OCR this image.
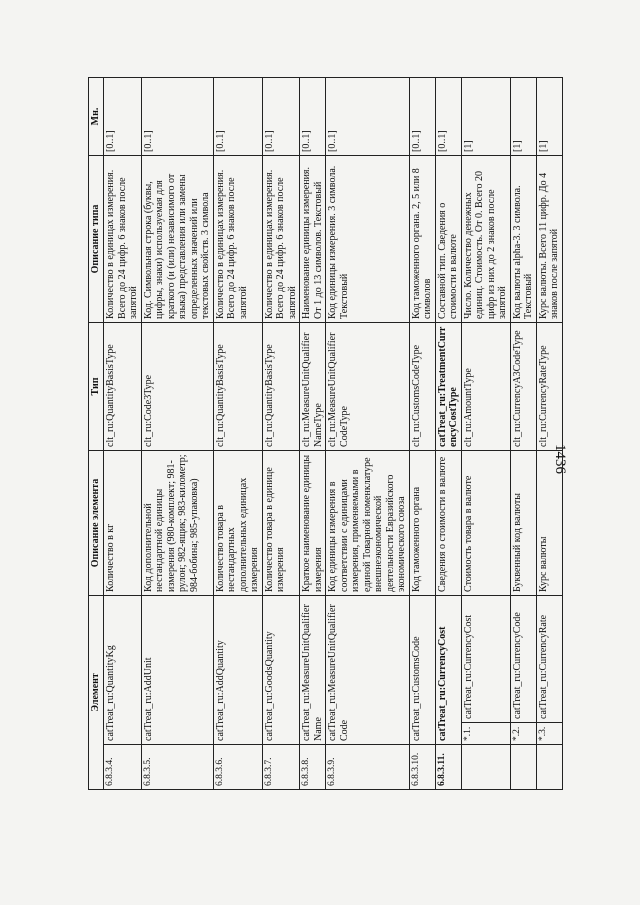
1436
Элемент			Описание элемента	Тип	Описание типа	Мн.
6.8.3.4.	catTreat_ru:QuantityKg		Количество в кг	clt_ru:QuantityBasisType	Количество в единицах измерения. Всего до 24 цифр. 6 знаков после запятой	[0..1]
6.8.3.5.	catTreat_ru:AddUnit		Код дополнительной нестандартной единицы измерения (980-комплект; 981-рулон; 982-ящик; 983-километр; 984-бобина; 985-упаковка)	clt_ru:Code3Type	Код. Символьная строка (буквы, цифры, знаки) используемая для краткого (и (или) независимого от языка) представления или замены определенных значений или текстовых свойств. 3 символа	[0..1]
6.8.3.6.	catTreat_ru:AddQuantity		Количество товара в нестандартных дополнительных единицах измерения	clt_ru:QuantityBasisType	Количество в единицах измерения. Всего до 24 цифр. 6 знаков после запятой	[0..1]
6.8.3.7.	catTreat_ru:GoodsQuantity		Количество товара в единице измерения	clt_ru:QuantityBasisType	Количество в единицах измерения. Всего до 24 цифр. 6 знаков после запятой	[0..1]
6.8.3.8.	catTreat_ru:MeasureUnitQualifierName		Краткое наименование единицы измерения	clt_ru:MeasureUnitQualifierNameType	Наименование единицы измерения. От 1 до 13 символов. Текстовый	[0..1]
6.8.3.9.	catTreat_ru:MeasureUnitQualifierCode		Код единицы измерения в соответствии с единицами измерения, применяемыми в единой Товарной номенклатуре внешнеэкономической деятельности Евразийского экономического союза	clt_ru:MeasureUnitQualifierCodeType	Код единицы измерения. 3 символа. Текстовый	[0..1]
6.8.3.10.	catTreat_ru:CustomsCode		Код таможенного органа	clt_ru:CustomsCodeType	Код таможенного органа. 2, 5 или 8 символов	[0..1]
6.8.3.11.	catTreat_ru:CurrencyCost		Сведения о стоимости в валюте	catTreat_ru:TreatmentCurrencyCostType	Составной тип. Сведения о стоимости в валюте	[0..1]
	*.1.	catTreat_ru:CurrencyCost	Стоимость товара в валюте	clt_ru:AmountType	Число. Количество денежных единиц. Стоимость. От 0. Всего 20 цифр из них до 2 знаков после запятой	[1]
	*.2.	catTreat_ru:CurrencyCode	Буквенный код валюты	clt_ru:CurrencyA3CodeType	Код валюты alpha-3. 3 символа. Текстовый	[1]
	*.3.	catTreat_ru:CurrencyRate	Курс валюты	clt_ru:CurrencyRateType	Курс валюты. Всего 11 цифр. До 4 знаков после запятой	[1]
